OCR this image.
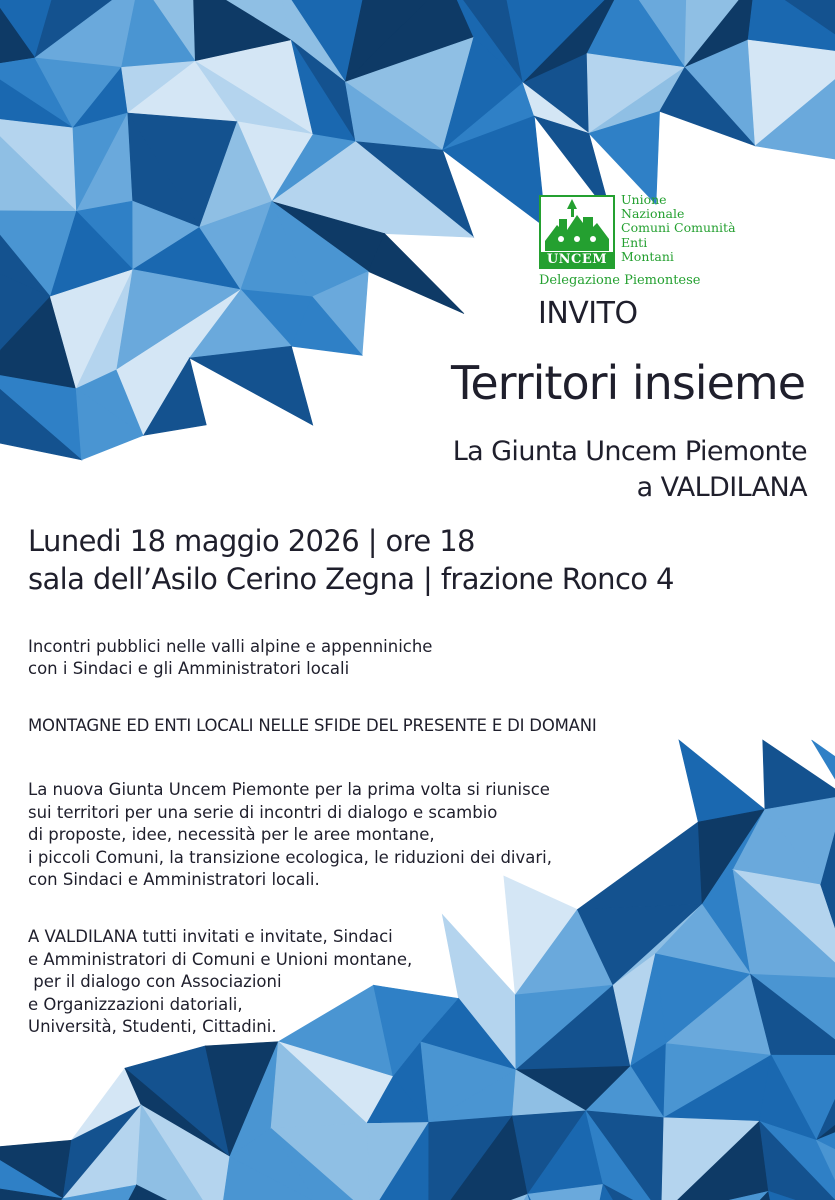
UNCEM
Unione
Nazionale
Comuni Comunità
Enti
Montani
Delegazione Piemontese
INVITO
Territori insieme
La Giunta Uncem Piemonte
a VALDILANA
Lunedi 18 maggio 2026 | ore 18
sala dell’Asilo Cerino Zegna | frazione Ronco 4
Incontri pubblici nelle valli alpine e appenniniche
con i Sindaci e gli Amministratori locali
MONTAGNE ED ENTI LOCALI NELLE SFIDE DEL PRESENTE E DI DOMANI
La nuova Giunta Uncem Piemonte per la prima volta si riunisce
sui territori per una serie di incontri di dialogo e scambio
di proposte, idee, necessità per le aree montane,
i piccoli Comuni, la transizione ecologica, le riduzioni dei divari,
con Sindaci e Amministratori locali.
A VALDILANA tutti invitati e invitate, Sindaci
e Amministratori di Comuni e Unioni montane,
per il dialogo con Associazioni
e Organizzazioni datoriali,
Università, Studenti, Cittadini.
